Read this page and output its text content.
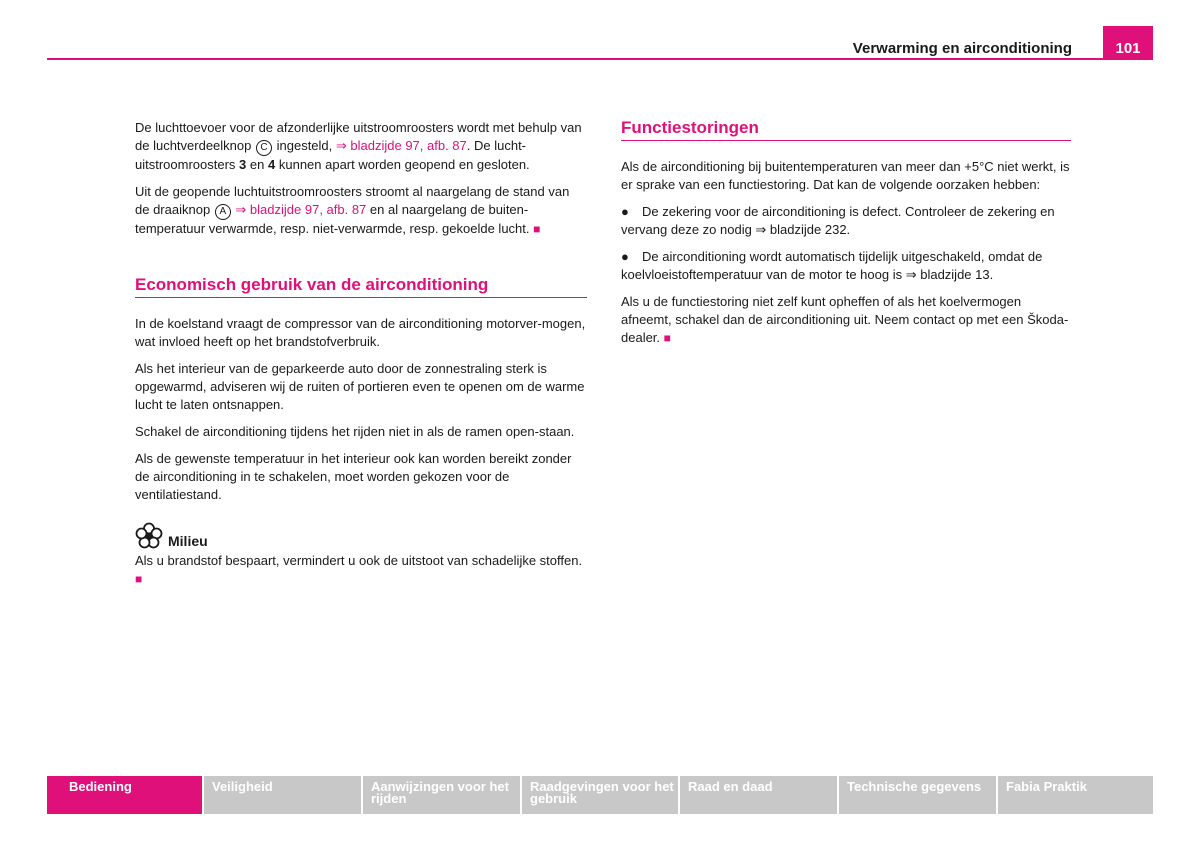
Verwarming en airconditioning	101

De luchttoevoer voor de afzonderlijke uitstroomroosters wordt met behulp van de luchtverdeelknop C ingesteld, ⇒ bladzijde 97, afb. 87. De lucht-uitstroomroosters 3 en 4 kunnen apart worden geopend en gesloten.

Uit de geopende luchtuitstroomroosters stroomt al naargelang de stand van de draaiknop A ⇒ bladzijde 97, afb. 87 en al naargelang de buiten-temperatuur verwarmde, resp. niet-verwarmde, resp. gekoelde lucht. ■

Economisch gebruik van de airconditioning

In de koelstand vraagt de compressor van de airconditioning motorver-mogen, wat invloed heeft op het brandstofverbruik.

Als het interieur van de geparkeerde auto door de zonnestraling sterk is opgewarmd, adviseren wij de ruiten of portieren even te openen om de warme lucht te laten ontsnappen.

Schakel de airconditioning tijdens het rijden niet in als de ramen open-staan.

Als de gewenste temperatuur in het interieur ook kan worden bereikt zonder de airconditioning in te schakelen, moet worden gekozen voor de ventilatiestand.

Milieu

Als u brandstof bespaart, vermindert u ook de uitstoot van schadelijke stoffen. ■

Functiestoringen

Als de airconditioning bij buitentemperaturen van meer dan +5°C niet werkt, is er sprake van een functiestoring. Dat kan de volgende oorzaken hebben:

● De zekering voor de airconditioning is defect. Controleer de zekering en vervang deze zo nodig ⇒ bladzijde 232.

● De airconditioning wordt automatisch tijdelijk uitgeschakeld, omdat de koelvloeistoftemperatuur van de motor te hoog is ⇒ bladzijde 13.

Als u de functiestoring niet zelf kunt opheffen of als het koelvermogen afneemt, schakel dan de airconditioning uit. Neem contact op met een Škoda-dealer. ■

Bediening	Veiligheid	Aanwijzingen voor het rijden
Raadgevingen voor het gebruik
Raad en daad	Technische gegevens	Fabia Praktik
